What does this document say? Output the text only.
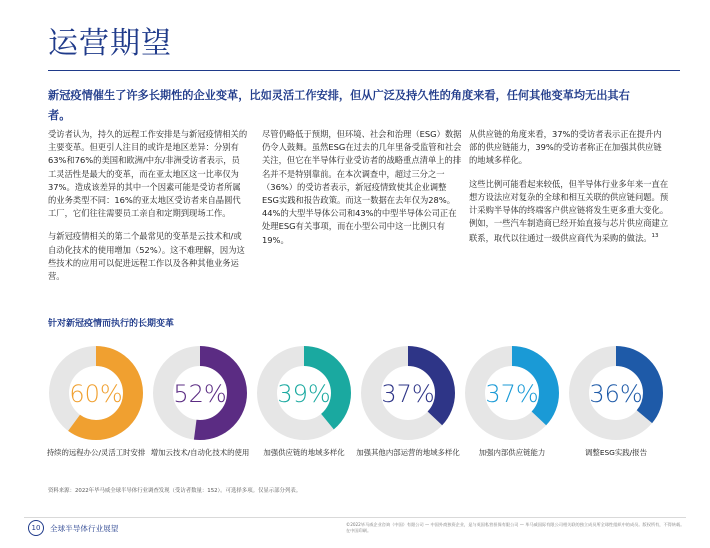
运营期望
新冠疫情催生了许多长期性的企业变革，比如灵活工作安排，但从广泛及持久性的角度来看，任何其他变革均无出其右者。

受访者认为，持久的远程工作安排是与新冠疫情相关的主要变革。但更引人注目的或许是地区差异：分别有63%和76%的美国和欧洲/中东/非洲受访者表示，员工灵活性是最大的变革，而在亚太地区这一比率仅为37%。造成该差异的其中一个因素可能是受访者所属的业务类型不同：16%的亚太地区受访者来自晶圆代工厂，它们往往需要员工亲自和定期到现场工作。

与新冠疫情相关的第二个最常见的变革是云技术和/或自动化技术的使用增加（52%）。这不难理解，因为这些技术的应用可以促进远程工作以及各种其他业务运营。

尽管仍略低于预期，但环境、社会和治理（ESG）数据仍令人鼓舞。虽然ESG在过去的几年里备受监管和社会关注，但它在半导体行业受访者的战略重点清单上的排名并不是特别靠前。在本次调查中，超过三分之一（36%）的受访者表示，新冠疫情致使其企业调整ESG实践和报告政策。而这一数据在去年仅为28%。44%的大型半导体公司和43%的中型半导体公司正在处理ESG有关事项，而在小型公司中这一比例只有19%。

从供应链的角度来看，37%的受访者表示正在提升内部的供应链能力，39%的受访者称正在加强其供应链的地域多样化。

这些比例可能看起来较低，但半导体行业多年来一直在想方设法应对复杂的全球和相互关联的供应链问题。预计采购半导体的终端客户供应链将发生更多重大变化。例如，一些汽车制造商已经开始直接与芯片供应商建立联系，取代以往通过一级供应商代为采购的做法。$^{13}$

针对新冠疫情而执行的长期变革
60%
持续的远程办公/灵活工时安排
52%
增加云技术/自动化技术的使用
39%
加强供应链的地域多样化
37%
加强其他内部运营的地域多样化
37%
加强内部供应链能力
36%
调整ESG实践/报告
资料来源：2022年毕马威全球半导体行业调查发现（受访者数量：152）。可选择多项。仅显示部分列表。
10	全球半导体行业展望	©2022毕马威企业咨询（中国）有限公司 — 中国外商独资企业，是与英国私营担保有限公司 — 毕马威国际有限公司相关联的独立成员所全球性组织中的成员。版权所有，不得转载。在中国印刷。
